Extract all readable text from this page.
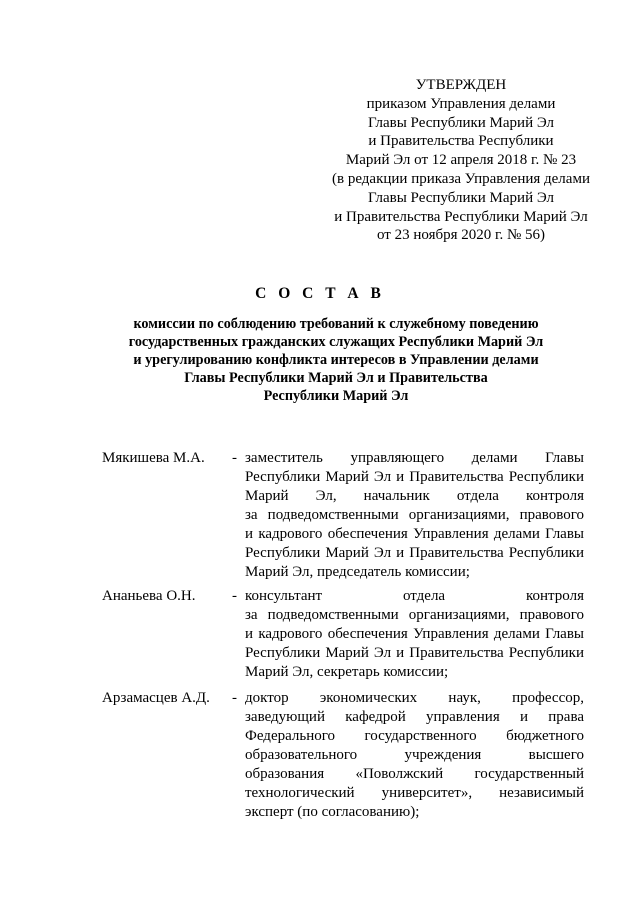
УТВЕРЖДЕН
приказом Управления делами
Главы Республики Марий Эл
и Правительства Республики
Марий Эл от 12 апреля 2018 г. № 23
(в редакции приказа Управления делами
Главы Республики Марий Эл
и Правительства Республики Марий Эл
от 23 ноября 2020 г. № 56)
С О С Т А В
комиссии по соблюдению требований к служебному поведению
государственных гражданских служащих Республики Марий Эл
и урегулированию конфликта интересов в Управлении делами
Главы Республики Марий Эл и Правительства
Республики Марий Эл
Мякишева М.А. - заместитель управляющего делами Главы
Республики Марий Эл и Правительства Республики
Марий Эл, начальник отдела контроля
за подведомственными организациями, правового
и кадрового обеспечения Управления делами Главы
Республики Марий Эл и Правительства Республики
Марий Эл, председатель комиссии;
Ананьева О.Н. - консультант отдела контроля
за подведомственными организациями, правового
и кадрового обеспечения Управления делами Главы
Республики Марий Эл и Правительства Республики
Марий Эл, секретарь комиссии;
Арзамасцев А.Д. - доктор экономических наук, профессор,
заведующий кафедрой управления и права
Федерального государственного бюджетного
образовательного учреждения высшего
образования «Поволжский государственный
технологический университет», независимый
эксперт (по согласованию);
